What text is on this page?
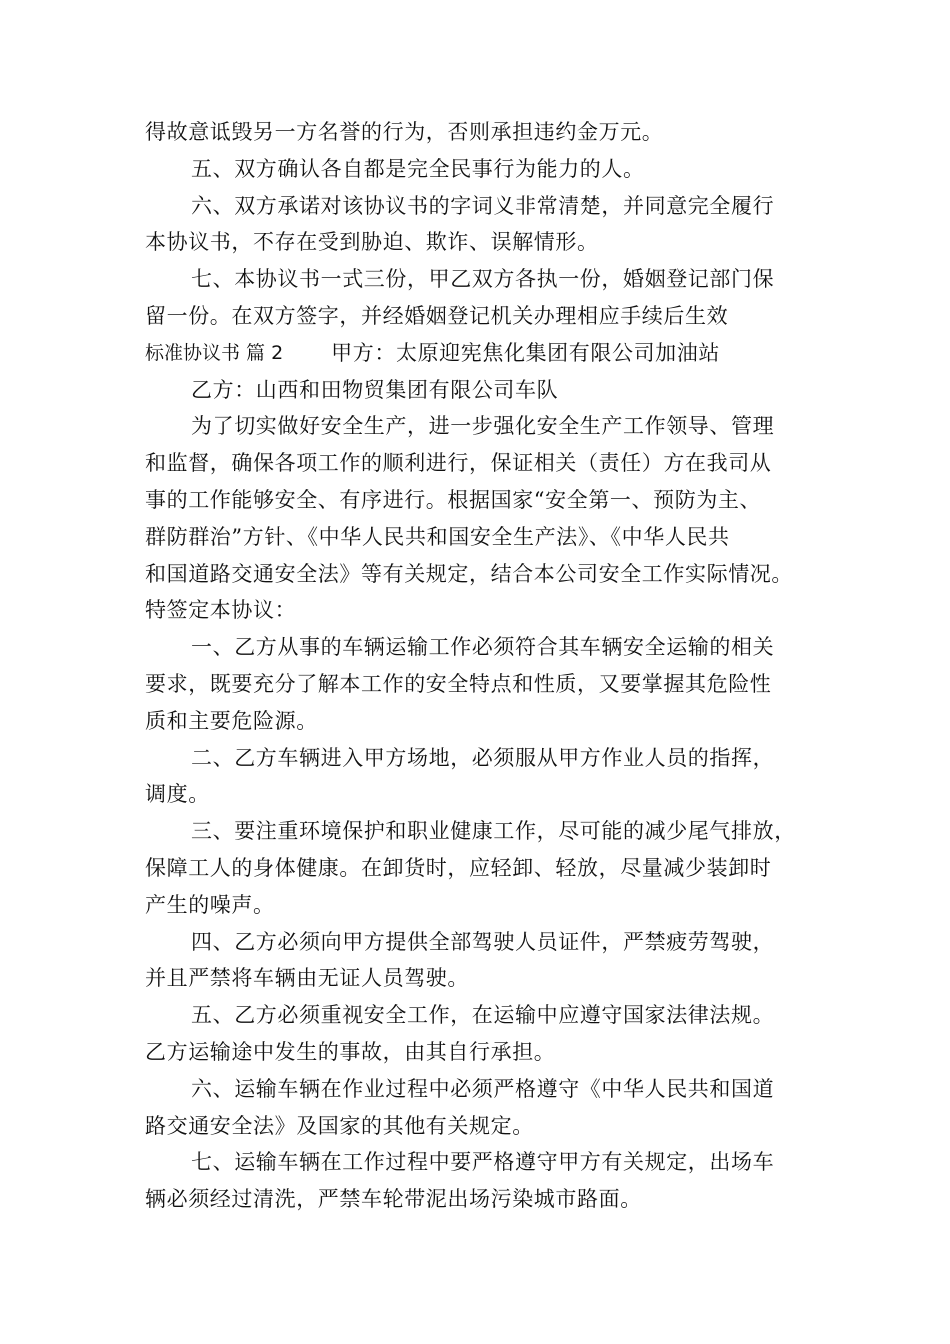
得故意诋毁另一方名誉的行为，否则承担违约金万元。
五、双方确认各自都是完全民事行为能力的人。
六、双方承诺对该协议书的字词义非常清楚，并同意完全履行
本协议书，不存在受到胁迫、欺诈、误解情形。
七、本协议书一式三份，甲乙双方各执一份，婚姻登记部门保
留一份。在双方签字，并经婚姻登记机关办理相应手续后生效
标准协议书 篇 2 甲方：太原迎宪焦化集团有限公司加油站
乙方：山西和田物贸集团有限公司车队
为了切实做好安全生产，进一步强化安全生产工作领导、管理
和监督，确保各项工作的顺利进行，保证相关（责任）方在我司从
事的工作能够安全、有序进行。根据国家“安全第一、预防为主、
群防群治”方针、《中华人民共和国安全生产法》、《中华人民共
和国道路交通安全法》等有关规定，结合本公司安全工作实际情况。
特签定本协议：
一、乙方从事的车辆运输工作必须符合其车辆安全运输的相关
要求，既要充分了解本工作的安全特点和性质，又要掌握其危险性
质和主要危险源。
二、乙方车辆进入甲方场地，必须服从甲方作业人员的指挥，
调度。
三、要注重环境保护和职业健康工作，尽可能的减少尾气排放，
保障工人的身体健康。在卸货时，应轻卸、轻放，尽量减少装卸时
产生的噪声。
四、乙方必须向甲方提供全部驾驶人员证件，严禁疲劳驾驶，
并且严禁将车辆由无证人员驾驶。
五、乙方必须重视安全工作，在运输中应遵守国家法律法规。
乙方运输途中发生的事故，由其自行承担。
六、运输车辆在作业过程中必须严格遵守《中华人民共和国道
路交通安全法》及国家的其他有关规定。
七、运输车辆在工作过程中要严格遵守甲方有关规定，出场车
辆必须经过清洗，严禁车轮带泥出场污染城市路面。
